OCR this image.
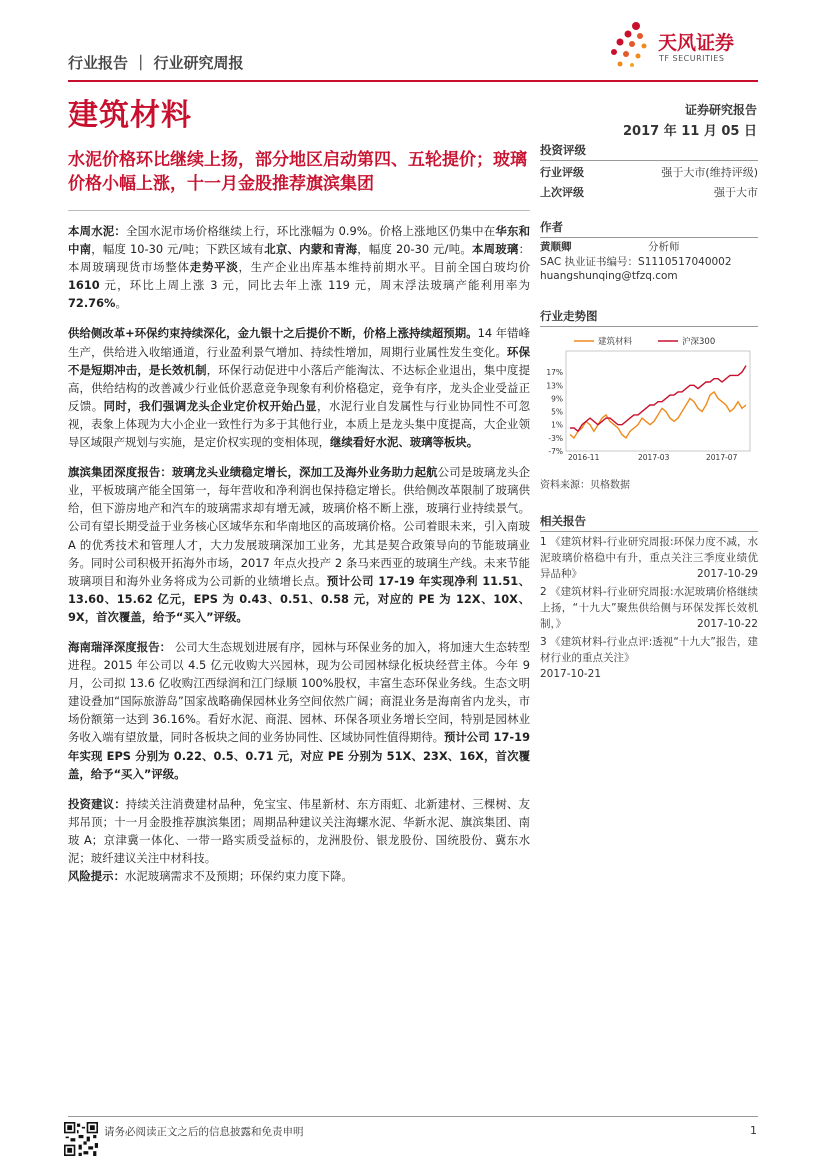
行业报告 ｜ 行业研究周报
建筑材料
天风证券
TF SECURITIES
证券研究报告
2017 年 11 月 05 日
水泥价格环比继续上扬，部分地区启动第四、五轮提价；玻璃价格小幅上涨，十一月金股推荐旗滨集团

本周水泥：全国水泥市场价格继续上行，环比涨幅为 0.9%。价格上涨地区仍集中在华东和中南，幅度 10-30 元/吨；下跌区域有北京、内蒙和青海，幅度 20-30 元/吨。本周玻璃：本周玻璃现货市场整体走势平淡，生产企业出库基本维持前期水平。目前全国白玻均价 1610 元，环比上周上涨 3 元，同比去年上涨 119 元，周末浮法玻璃产能利用率为 72.76%。

供给侧改革+环保约束持续深化，金九银十之后提价不断，价格上涨持续超预期。14 年错峰生产，供给进入收缩通道，行业盈利景气增加、持续性增加，周期行业属性发生变化。环保不是短期冲击，是长效机制，环保行动促进中小落后产能淘汰、不达标企业退出，集中度提高，供给结构的改善减少行业低价恶意竞争现象有利价格稳定，竞争有序，龙头企业受益正反馈。同时，我们强调龙头企业定价权开始凸显，水泥行业自发属性与行业协同性不可忽视，表象上体现为大小企业一致性行为多于其他行业，本质上是龙头集中度提高，大企业领导区域限产规划与实施，是定价权实现的变相体现，继续看好水泥、玻璃等板块。

旗滨集团深度报告：玻璃龙头业绩稳定增长，深加工及海外业务助力起航公司是玻璃龙头企业，平板玻璃产能全国第一，每年营收和净利润也保持稳定增长。供给侧改革限制了玻璃供给，但下游房地产和汽车的玻璃需求却有增无减，玻璃价格不断上涨，玻璃行业持续景气。公司有望长期受益于业务核心区域华东和华南地区的高玻璃价格。公司着眼未来，引入南玻 A 的优秀技术和管理人才，大力发展玻璃深加工业务，尤其是契合政策导向的节能玻璃业务。同时公司积极开拓海外市场，2017 年点火投产 2 条马来西亚的玻璃生产线。未来节能玻璃项目和海外业务将成为公司新的业绩增长点。预计公司 17-19 年实现净利 11.51、13.60、15.62 亿元，EPS 为 0.43、0.51、0.58 元，对应的 PE 为 12X、10X、9X，首次覆盖，给予“买入”评级。

海南瑞泽深度报告： 公司大生态规划进展有序，园林与环保业务的加入，将加速大生态转型进程。2015 年公司以 4.5 亿元收购大兴园林，现为公司园林绿化板块经营主体。今年 9 月，公司拟 13.6 亿收购江西绿润和江门绿顺 100%股权，丰富生态环保业务线。生态文明建设叠加“国际旅游岛”国家战略确保园林业务空间依然广阔；商混业务是海南省内龙头，市场份额第一达到 36.16%。看好水泥、商混、园林、环保各项业务增长空间，特别是园林业务收入端有望放量，同时各板块之间的业务协同性、区域协同性值得期待。预计公司 17-19 年实现 EPS 分别为 0.22、0.5、0.71 元，对应 PE 分别为 51X、23X、16X，首次覆盖，给予“买入”评级。

投资建议：持续关注消费建材品种，免宝宝、伟星新材、东方雨虹、北新建材、三棵树、友邦吊顶；十一月金股推荐旗滨集团；周期品种建议关注海螺水泥、华新水泥、旗滨集团、南玻 A；京津冀一体化、一带一路实质受益标的，龙洲股份、银龙股份、国统股份、冀东水泥；玻纤建议关注中材科技。
风险提示：水泥玻璃需求不及预期；环保约束力度下降。

投资评级
行业评级	强于大市(维持评级)
上次评级	强于大市
作者
黄顺卿	分析师
SAC 执业证书编号：S1110517040002
huangshunqing@tfzq.com
行业走势图
17%
13%
9%
5%
1%
-3%
-7%
2016-11	2017-03	2017-07
建筑材料	沪深300
资料来源：贝格数据
相关报告
1 《建筑材料-行业研究周报:环保力度不减，水泥玻璃价格稳中有升，重点关注三季度业绩优异品种》	2017-10-29
2 《建筑材料-行业研究周报:水泥玻璃价格继续上扬，“十九大”聚焦供给侧与环保发挥长效机制，》	2017-10-22
3 《建筑材料-行业点评:透视“十九大”报告，建材行业的重点关注》
2017-10-21
请务必阅读正文之后的信息披露和免责申明	1
